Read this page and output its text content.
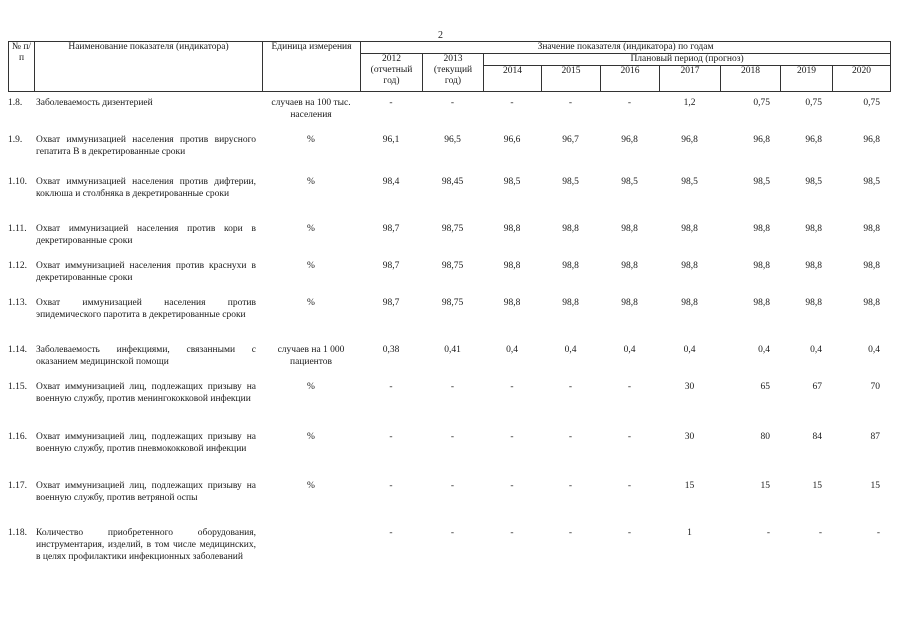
2
№ п/п	Наименование показателя (индикатора)	Единица измерения	Значение показателя (индикатора) по годам								
			2012 (отчетный год)	2013 (текущий год)	Плановый период (прогноз)						
					2014	2015	2016	2017	2018	2019	2020
1.8.	Заболеваемость дизентерией	случаев на 100 тыс. населения	-	-	-	-	-	1,2	0,75	0,75	0,75
1.9.	Охват иммунизацией населения против вирусного гепатита В в декретированные сроки	%	96,1	96,5	96,6	96,7	96,8	96,8	96,8	96,8	96,8
1.10.	Охват иммунизацией населения против дифтерии, коклюша и столбняка в декретированные сроки	%	98,4	98,45	98,5	98,5	98,5	98,5	98,5	98,5	98,5
1.11.	Охват иммунизацией населения против кори в декретированные сроки	%	98,7	98,75	98,8	98,8	98,8	98,8	98,8	98,8	98,8
1.12.	Охват иммунизацией населения против краснухи в декретированные сроки	%	98,7	98,75	98,8	98,8	98,8	98,8	98,8	98,8	98,8
1.13.	Охват иммунизацией населения против эпидемического паротита в декретированные сроки	%	98,7	98,75	98,8	98,8	98,8	98,8	98,8	98,8	98,8
1.14.	Заболеваемость инфекциями, связанными с оказанием медицинской помощи	случаев на 1 000 пациентов	0,38	0,41	0,4	0,4	0,4	0,4	0,4	0,4	0,4
1.15.	Охват иммунизацией лиц, подлежащих призыву на военную службу, против менингококковой инфекции	%	-	-	-	-	-	30	65	67	70
1.16.	Охват иммунизацией лиц, подлежащих призыву на военную службу, против пневмококковой инфекции	%	-	-	-	-	-	30	80	84	87
1.17.	Охват иммунизацией лиц, подлежащих призыву на военную службу, против ветряной оспы	%	-	-	-	-	-	15	15	15	15
1.18.	Количество приобретенного оборудования, инструментария, изделий, в том числе медицинских, в целях профилактики инфекционных заболеваний		-	-	-	-	-	1	-	-	-
